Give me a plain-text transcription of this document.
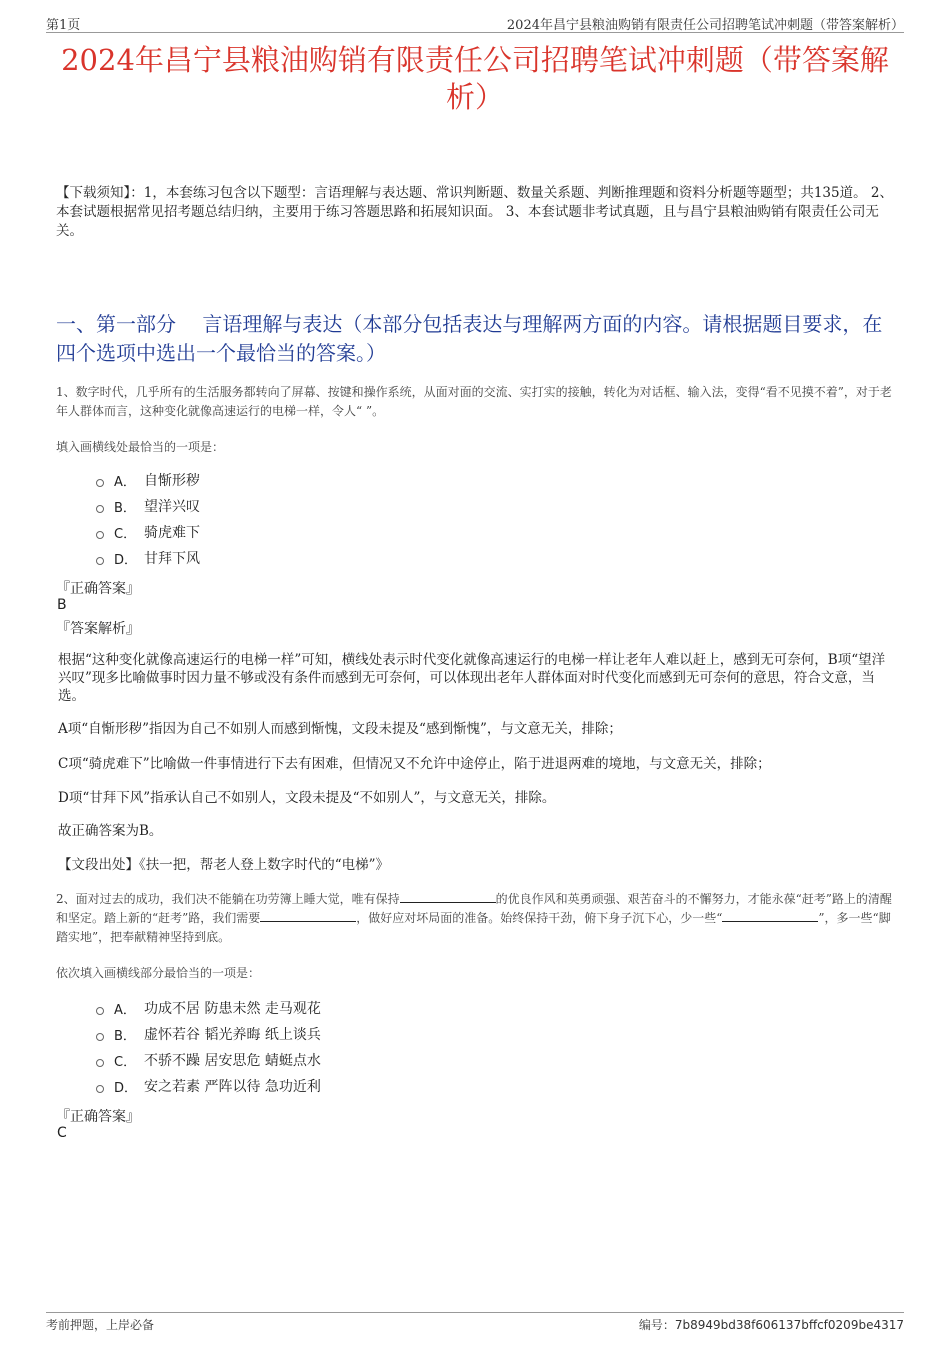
第1页	2024年昌宁县粮油购销有限责任公司招聘笔试冲刺题（带答案解析）
2024年昌宁县粮油购销有限责任公司招聘笔试冲刺题（带答案解析）
【下载须知】：1，本套练习包含以下题型：言语理解与表达题、常识判断题、数量关系题、判断推理题和资料分析题等题型；共135道。 2、本套试题根据常见招考题总结归纳，主要用于练习答题思路和拓展知识面。 3、本套试题非考试真题，且与昌宁县粮油购销有限责任公司无关。
一、第一部分　 言语理解与表达（本部分包括表达与理解两方面的内容。请根据题目要求，在四个选项中选出一个最恰当的答案。）
1、数字时代，几乎所有的生活服务都转向了屏幕、按键和操作系统，从面对面的交流、实打实的接触，转化为对话框、输入法，变得“看不见摸不着”，对于老年人群体而言，这种变化就像高速运行的电梯一样，令人“ ”。
填入画横线处最恰当的一项是：
A． 自惭形秽
B． 望洋兴叹
C． 骑虎难下
D． 甘拜下风
『正确答案』
B
『答案解析』
根据“这种变化就像高速运行的电梯一样”可知，横线处表示时代变化就像高速运行的电梯一样让老年人难以赶上，感到无可奈何，B项“望洋兴叹”现多比喻做事时因力量不够或没有条件而感到无可奈何，可以体现出老年人群体面对时代变化而感到无可奈何的意思，符合文意，当选。
A项“自惭形秽”指因为自己不如别人而感到惭愧，文段未提及“感到惭愧”，与文意无关，排除；
C项“骑虎难下”比喻做一件事情进行下去有困难，但情况又不允许中途停止，陷于进退两难的境地，与文意无关，排除；
D项“甘拜下风”指承认自己不如别人，文段未提及“不如别人”，与文意无关，排除。
故正确答案为B。
【文段出处】《扶一把，帮老人登上数字时代的“电梯”》
2、面对过去的成功，我们决不能躺在功劳簿上睡大觉，唯有保持	的优良作风和英勇顽强、艰苦奋斗的不懈努力，才能永葆“赶考”路上的清醒和坚定。踏上新的“赶考”路，我们需要	，做好应对坏局面的准备。始终保持干劲，俯下身子沉下心，少一些“	”，多一些“脚踏实地”，把奉献精神坚持到底。
依次填入画横线部分最恰当的一项是：
A． 功成不居 防患未然 走马观花
B． 虚怀若谷 韬光养晦 纸上谈兵
C． 不骄不躁 居安思危 蜻蜓点水
D． 安之若素 严阵以待 急功近利
『正确答案』
C
考前押题，上岸必备	编号：7b8949bd38f606137bffcf0209be4317
